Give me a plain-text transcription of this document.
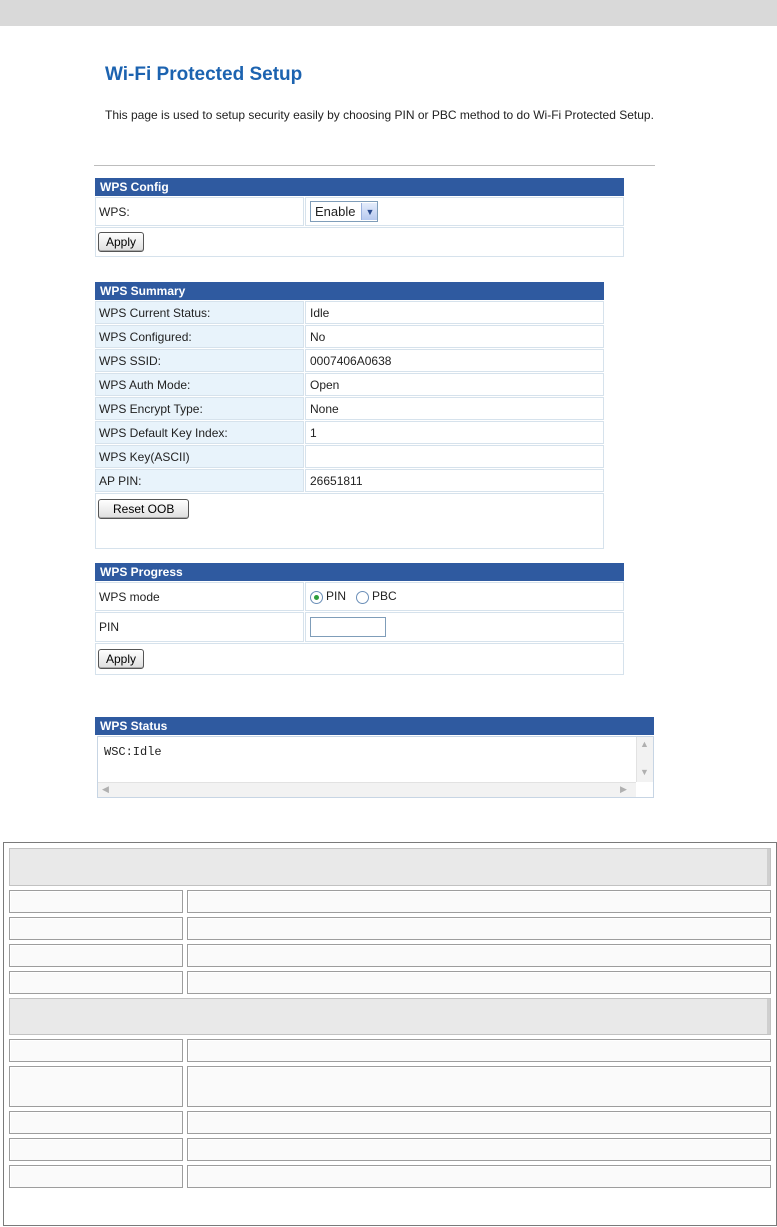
Wi-Fi Protected Setup
This page is used to setup security easily by choosing PIN or PBC method to do Wi-Fi Protected Setup.
WPS Config
WPS:	Enable	▼

Apply
WPS Summary	
WPS Current Status:	Idle
WPS Configured:	No
WPS SSID:	0007406A0638
WPS Auth Mode:	Open
WPS Encrypt Type:	None
WPS Default Key Index:	1
WPS Key(ASCII)	
AP PIN:	26651811
Reset OOB	
WPS Progress	
WPS mode	PIN PBC
PIN	
Apply	
WPS Status
WSC:Idle
▲
▼
◀	▶
